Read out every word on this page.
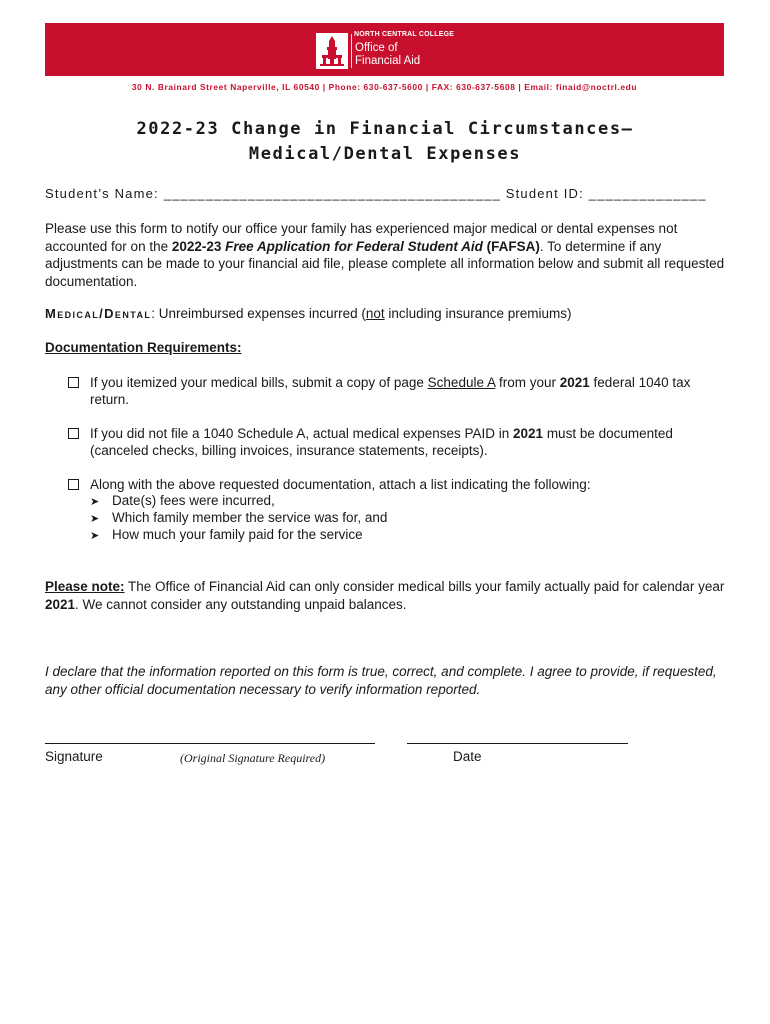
NORTH CENTRAL COLLEGE
Office of
Financial Aid
30 N. Brainard Street Naperville, IL 60540 | Phone: 630-637-5600 | FAX: 630-637-5608 | Email: finaid@noctrl.edu
2022-23 Change in Financial Circumstances–
Medical/Dental Expenses
Student’s Name: ________________________________________ Student ID: ______________
Please use this form to notify our office your family has experienced major medical or dental expenses not accounted for on the 2022-23 Free Application for Federal Student Aid (FAFSA). To determine if any adjustments can be made to your financial aid file, please complete all information below and submit all requested documentation.
Medical/Dental: Unreimbursed expenses incurred (not including insurance premiums)
Documentation Requirements:
If you itemized your medical bills, submit a copy of page Schedule A from your 2021 federal 1040 tax return.
If you did not file a 1040 Schedule A, actual medical expenses PAID in 2021 must be documented (canceled checks, billing invoices, insurance statements, receipts).
Along with the above requested documentation, attach a list indicating the following:
➤ Date(s) fees were incurred,
➤ Which family member the service was for, and
➤ How much your family paid for the service
Please note: The Office of Financial Aid can only consider medical bills your family actually paid for calendar year 2021. We cannot consider any outstanding unpaid balances.
I declare that the information reported on this form is true, correct, and complete. I agree to provide, if requested, any other official documentation necessary to verify information reported.
Signature	(Original Signature Required)	Date
